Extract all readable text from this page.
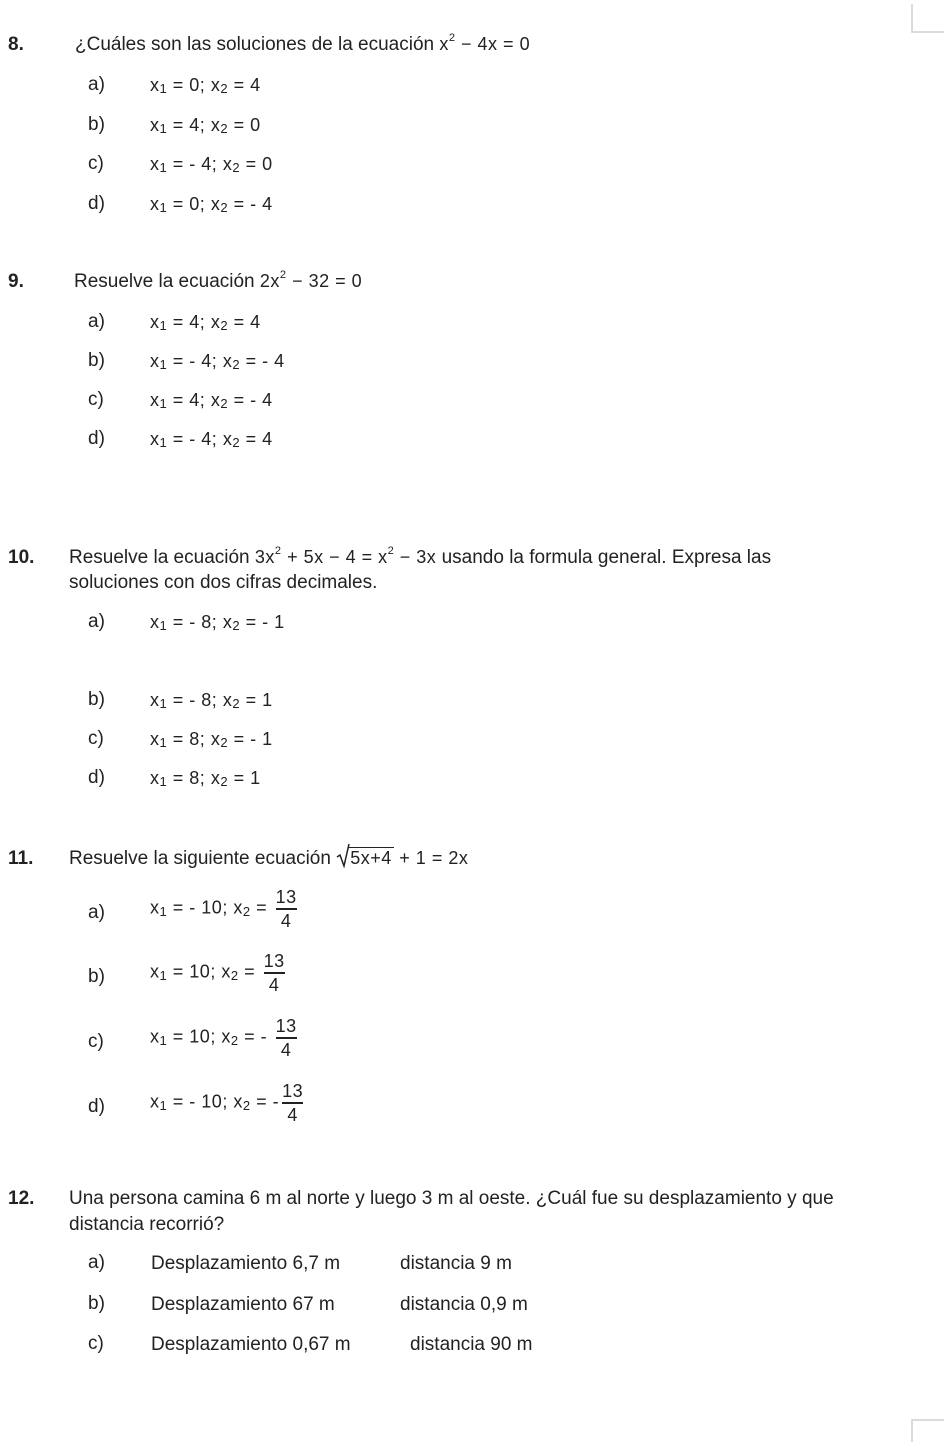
8.	¿Cuáles son las soluciones de la ecuación $x^2 - 4x = 0$
a)	$x_1 = 0$; $x_2 = 4$
b)	$x_1 = 4$; $x_2 = 0$
c)	$x_1$ = - 4; $x_2 = 0$
d)	$x_1 = 0$; $x_2$ = - 4
9.	Resuelve la ecuación $2x^2 - 32 = 0$
a)	$x_1 = 4$; $x_2 = 4$
b)	$x_1$ = - 4; $x_2$ = - 4
c)	$x_1 = 4$; $x_2$ = - 4
d)	$x_1$ = - 4; $x_2 = 4$
10. Resuelve la ecuación $3x^2 + 5x - 4 = x^2 - 3x$ usando la formula general. Expresa las
soluciones con dos cifras decimales.
a)	$x_1$ = - 8; $x_2$ = - 1
b)	$x_1$ = - 8; $x_2 = 1$
c)	$x_1 = 8$; $x_2$ = - 1
d)	$x_1 = 8$; $x_2 = 1$
11. Resuelve la siguiente ecuación 5x+4 + 1 = 2x
a)	$x_1$ = - 10; $x_2 = \frac{13}{4}$
b)	$x_1 = 10$; $x_2 = \frac{13}{4}$
c)	$x_1 = 10$; $x_2$ = - $\frac{13}{4}$
d)	$x_1$ = - 10; $x_2$ = - $\frac{13}{4}$
12. Una persona camina 6 m al norte y luego 3 m al oeste. ¿Cuál fue su desplazamiento y que
distancia recorrió?
a) Desplazamiento 6,7 m	distancia 9 m
b) Desplazamiento 67 m	distancia 0,9 m
c) Desplazamiento 0,67 m	distancia 90 m
